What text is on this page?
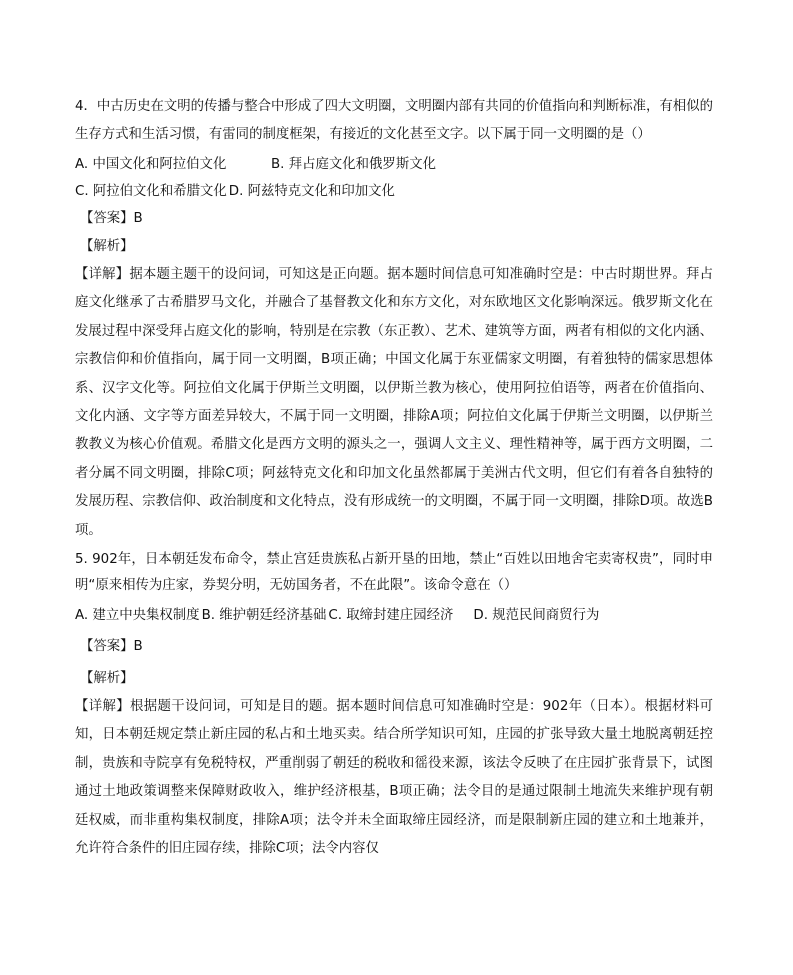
4．中古历史在文明的传播与整合中形成了四大文明圈，文明圈内部有共同的价值指向和判断标准，有相似的生存方式和生活习惯，有雷同的制度框架，有接近的文化甚至文字。以下属于同一文明圈的是（）

A. 中国文化和阿拉伯文化	B. 拜占庭文化和俄罗斯文化
C. 阿拉伯文化和希腊文化 D. 阿兹特克文化和印加文化

【答案】B

【解析】

【详解】据本题主题干的设问词，可知这是正向题。据本题时间信息可知准确时空是：中古时期世界。拜占庭文化继承了古希腊罗马文化，并融合了基督教文化和东方文化，对东欧地区文化影响深远。俄罗斯文化在发展过程中深受拜占庭文化的影响，特别是在宗教（东正教）、艺术、建筑等方面，两者有相似的文化内涵、宗教信仰和价值指向，属于同一文明圈，B项正确；中国文化属于东亚儒家文明圈，有着独特的儒家思想体系、汉字文化等。阿拉伯文化属于伊斯兰文明圈，以伊斯兰教为核心，使用阿拉伯语等，两者在价值指向、文化内涵、文字等方面差异较大，不属于同一文明圈，排除A项；阿拉伯文化属于伊斯兰文明圈，以伊斯兰教教义为核心价值观。希腊文化是西方文明的源头之一，强调人文主义、理性精神等，属于西方文明圈，二者分属不同文明圈，排除C项；阿兹特克文化和印加文化虽然都属于美洲古代文明，但它们有着各自独特的发展历程、宗教信仰、政治制度和文化特点，没有形成统一的文明圈，不属于同一文明圈，排除D项。故选B项。

5. 902年，日本朝廷发布命令，禁止宫廷贵族私占新开垦的田地，禁止“百姓以田地舍宅卖寄权贵”，同时申明“原来相传为庄家，券契分明，无妨国务者，不在此限”。该命令意在（）

A. 建立中央集权制度 B. 维护朝廷经济基础 C. 取缔封建庄园经济 D. 规范民间商贸行为

【答案】B

【解析】

【详解】根据题干设问词，可知是目的题。据本题时间信息可知准确时空是：902年（日本）。根据材料可知，日本朝廷规定禁止新庄园的私占和土地买卖。结合所学知识可知，庄园的扩张导致大量土地脱离朝廷控制，贵族和寺院享有免税特权，严重削弱了朝廷的税收和徭役来源，该法令反映了在庄园扩张背景下，试图通过土地政策调整来保障财政收入，维护经济根基，B项正确；法令目的是通过限制土地流失来维护现有朝廷权威，而非重构集权制度，排除A项；法令并未全面取缔庄园经济，而是限制新庄园的建立和土地兼并，允许符合条件的旧庄园存续，排除C项；法令内容仅
